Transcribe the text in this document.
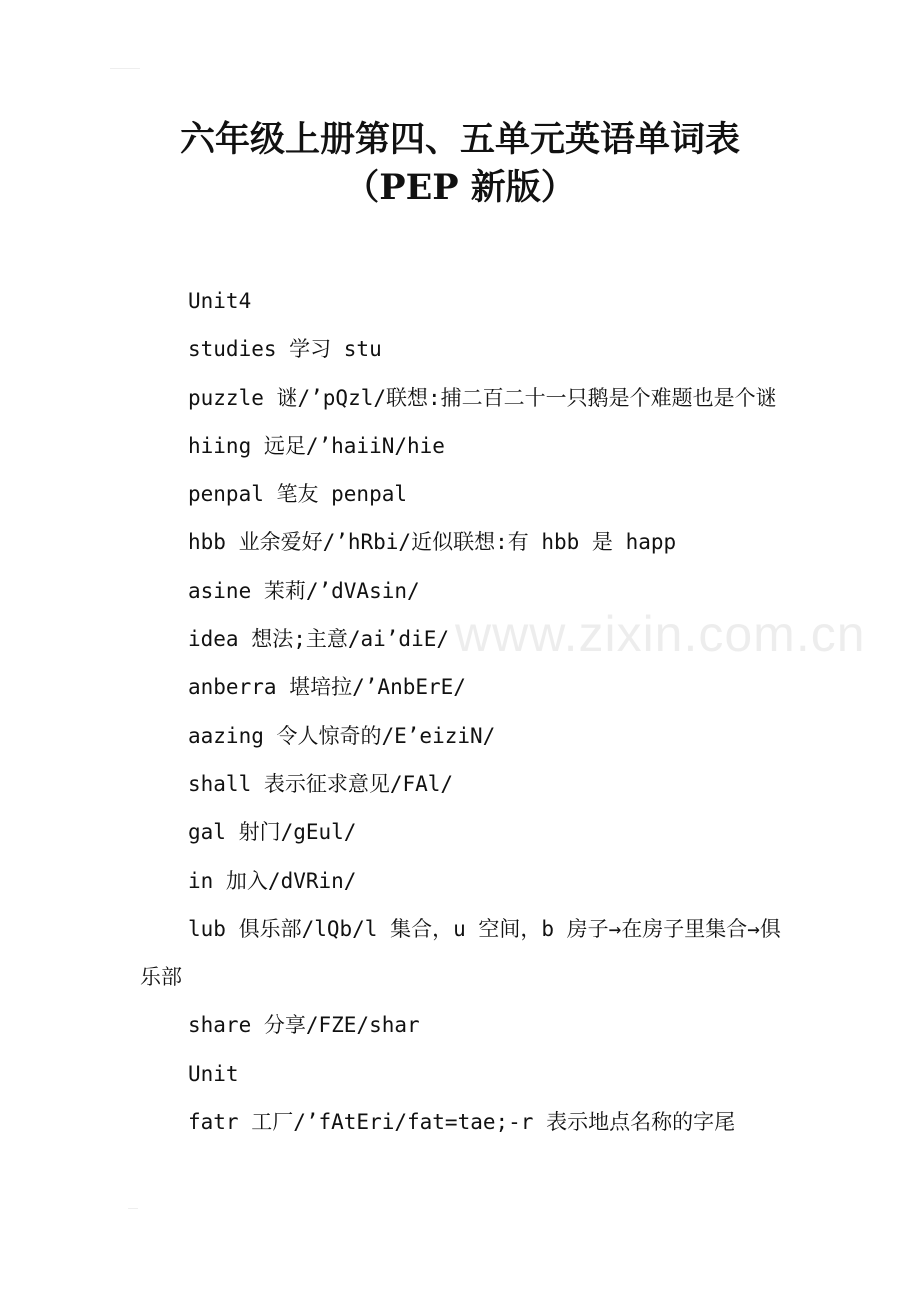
六年级上册第四、五单元英语单词表
（PEP 新版）

Unit4

studies 学习 stu

puzzle 谜/’pQzl/联想:捕二百二十一只鹅是个难题也是个谜

hiing 远足/’haiiN/hie

penpal 笔友 penpal

hbb 业余爱好/’hRbi/近似联想:有 hbb 是 happ

asine 茉莉/’dVAsin/

idea 想法;主意/ai’diE/

anberra 堪培拉/’AnbErE/

aazing 令人惊奇的/E’eiziN/

shall 表示征求意见/FAl/

gal 射门/gEul/

in 加入/dVRin/

lub 俱乐部/lQb/l 集合，u 空间，b 房子→在房子里集合→俱乐部

share 分享/FZE/shar

Unit

fatr 工厂/’fAtEri/fat=tae;-r 表示地点名称的字尾

www.zixin.com.cn
